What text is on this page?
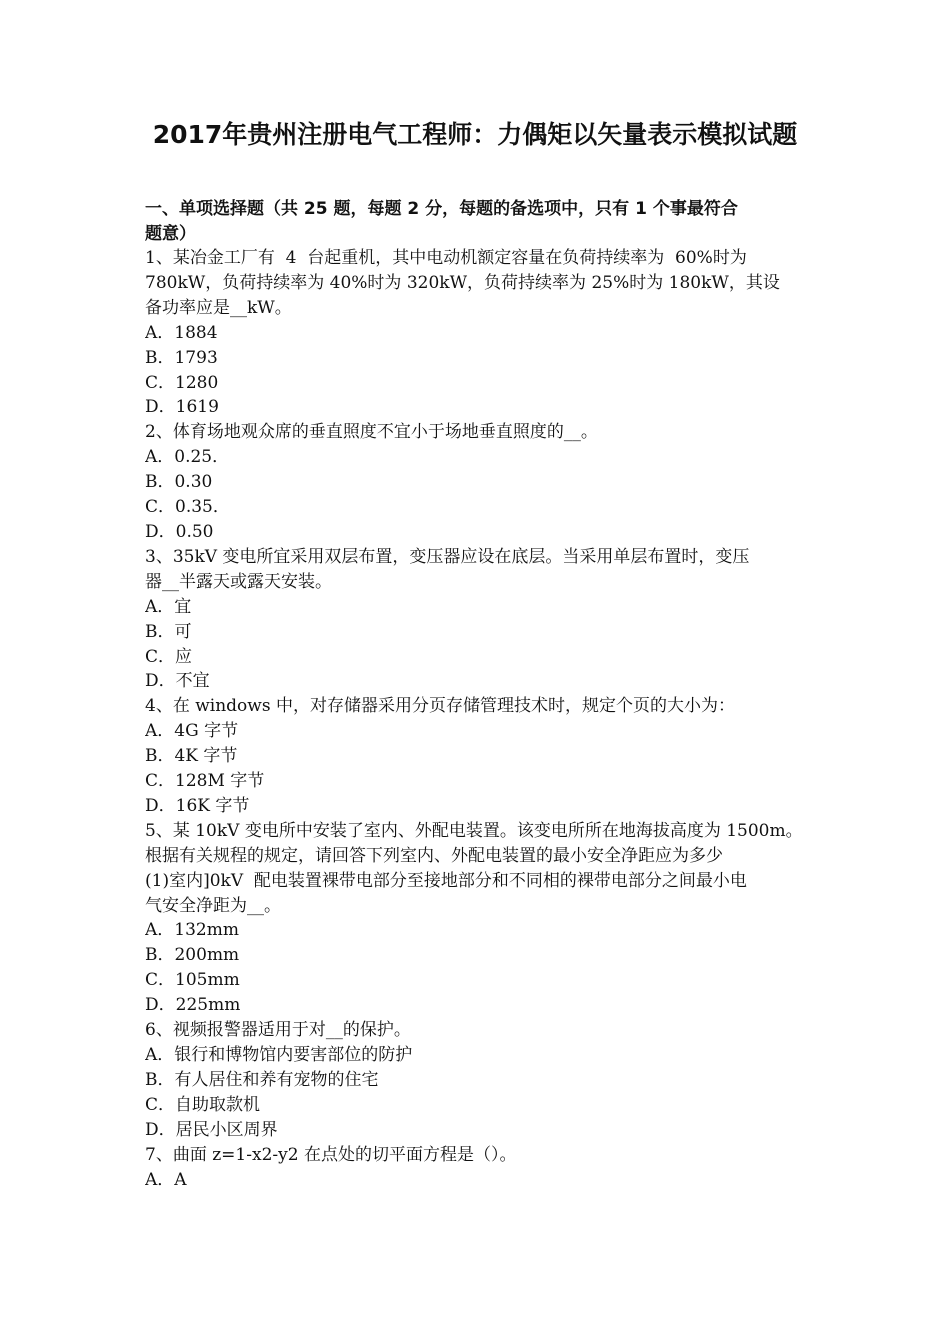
2017年贵州注册电气工程师：力偶矩以矢量表示模拟试题
一、单项选择题（共 25 题，每题 2 分，每题的备选项中，只有 1 个事最符合
题意）
1、某冶金工厂有  4  台起重机，其中电动机额定容量在负荷持续率为  60%时为
780kW，负荷持续率为 40%时为 320kW，负荷持续率为 25%时为 180kW，其设
备功率应是__kW。
A．1884
B．1793
C．1280
D．1619
2、体育场地观众席的垂直照度不宜小于场地垂直照度的__。
A．0.25．
B．0.30
C．0.35．
D．0.50
3、35kV 变电所宜采用双层布置，变压器应设在底层。当采用单层布置时，变压
器__半露天或露天安装。
A．宜
B．可
C．应
D．不宜
4、在 windows 中，对存储器采用分页存储管理技术时，规定个页的大小为：
A．4G 字节
B．4K 字节
C．128M 字节
D．16K 字节
5、某 10kV 变电所中安装了室内、外配电装置。该变电所所在地海拔高度为 1500m。
根据有关规程的规定，请回答下列室内、外配电装置的最小安全净距应为多少
(1)室内]0kV  配电装置裸带电部分至接地部分和不同相的裸带电部分之间最小电
气安全净距为__。
A．132mm
B．200mm
C．105mm
D．225mm
6、视频报警器适用于对__的保护。
A．银行和博物馆内要害部位的防护
B．有人居住和养有宠物的住宅
C．自助取款机
D．居民小区周界
7、曲面 z=1-x2-y2 在点处的切平面方程是（）。
A．A
